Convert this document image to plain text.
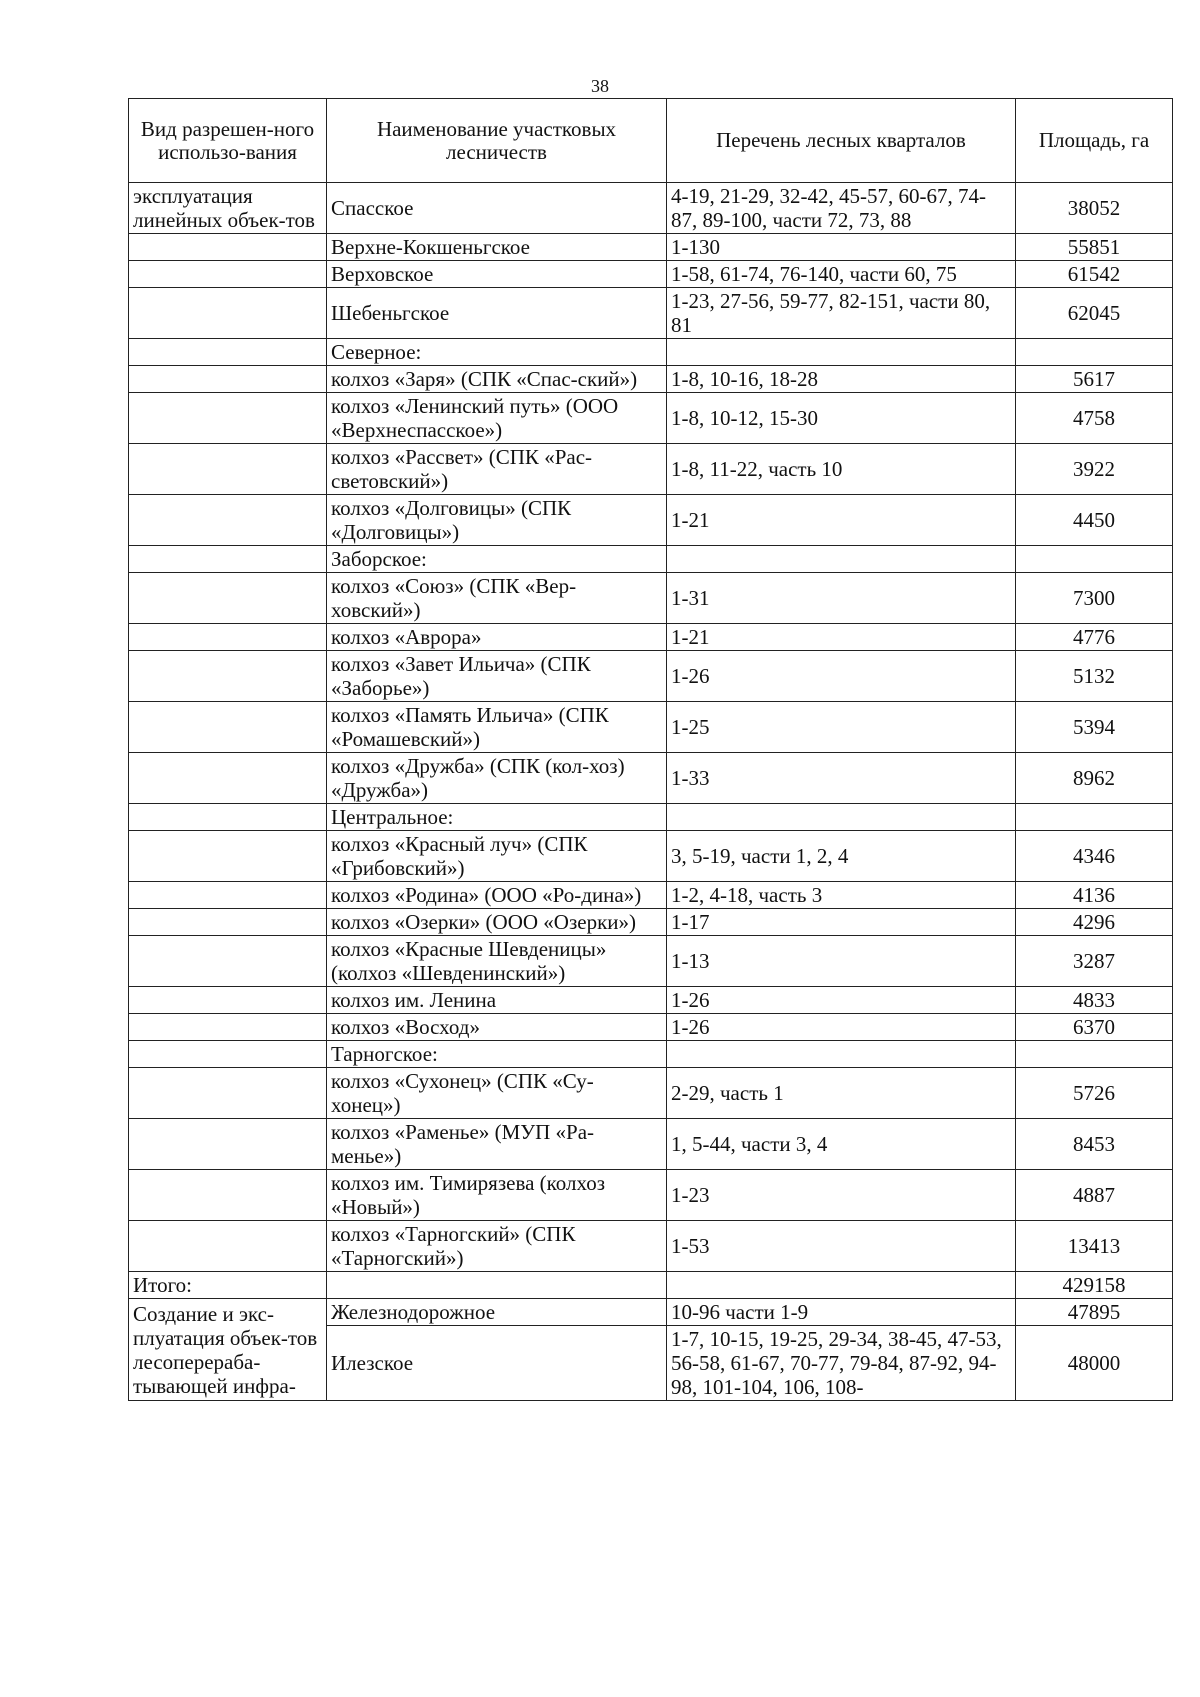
38
Вид разрешен-ного использо-вания	Наименование участковых лесничеств	Перечень лесных кварталов	Площадь, га
эксплуатация линейных объек-тов	Спасское	4-19, 21-29, 32-42, 45-57, 60-67, 74-87, 89-100, части 72, 73, 88	38052
	Верхне-Кокшеньгское	1-130	55851
	Верховское	1-58, 61-74, 76-140, части 60, 75	61542
	Шебеньгское	1-23, 27-56, 59-77, 82-151, части 80, 81	62045
	Северное:		
	колхоз «Заря» (СПК «Спас-ский»)	1-8, 10-16, 18-28	5617
	колхоз «Ленинский путь» (ООО «Верхнеспасское»)	1-8, 10-12, 15-30	4758
	колхоз «Рассвет» (СПК «Рас-световский»)	1-8, 11-22, часть 10	3922
	колхоз «Долговицы» (СПК «Долговицы»)	1-21	4450
	Заборское:		
	колхоз «Союз» (СПК «Вер-ховский»)	1-31	7300
	колхоз «Аврора»	1-21	4776
	колхоз «Завет Ильича» (СПК «Заборье»)	1-26	5132
	колхоз «Память Ильича» (СПК «Ромашевский»)	1-25	5394
	колхоз «Дружба» (СПК (кол-хоз) «Дружба»)	1-33	8962
	Центральное:		
	колхоз «Красный луч» (СПК «Грибовский»)	3, 5-19, части 1, 2, 4	4346
	колхоз «Родина» (ООО «Ро-дина»)	1-2, 4-18, часть 3	4136
	колхоз «Озерки» (ООО «Озерки»)	1-17	4296
	колхоз «Красные Шевденицы» (колхоз «Шевденинский»)	1-13	3287
	колхоз им. Ленина	1-26	4833
	колхоз «Восход»	1-26	6370
	Тарногское:		
	колхоз «Сухонец» (СПК «Су-хонец»)	2-29, часть 1	5726
	колхоз «Раменье» (МУП «Ра-менье»)	1, 5-44, части 3, 4	8453
	колхоз им. Тимирязева (колхоз «Новый»)	1-23	4887
	колхоз «Тарногский» (СПК «Тарногский»)	1-53	13413
Итого:			429158
Создание и экс-плуатация объек-тов лесоперераба-тывающей инфра-	Железнодорожное	10-96 части 1-9	47895
	Илезское	1-7, 10-15, 19-25, 29-34, 38-45, 47-53, 56-58, 61-67, 70-77, 79-84, 87-92, 94-98, 101-104, 106, 108-	48000
